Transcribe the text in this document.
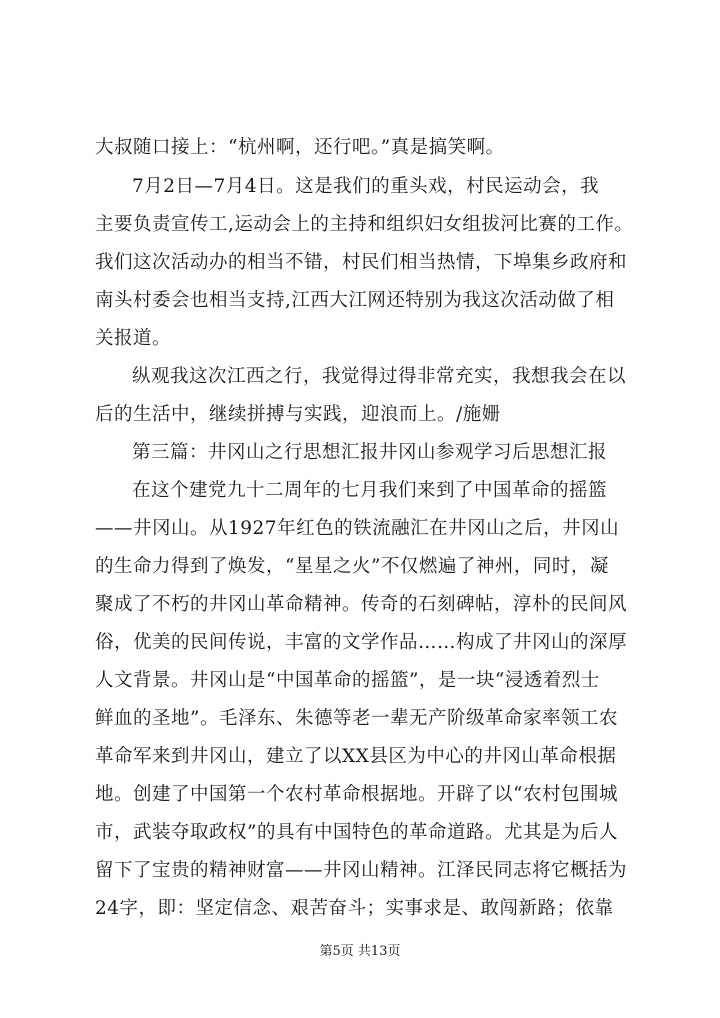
大叔随口接上：“杭州啊，还行吧。”真是搞笑啊。
7月2日—7月4日。这是我们的重头戏，村民运动会，我
主要负责宣传工,运动会上的主持和组织妇女组拔河比赛的工作。
我们这次活动办的相当不错，村民们相当热情，下埠集乡政府和
南头村委会也相当支持,江西大江网还特别为我这次活动做了相
关报道。
纵观我这次江西之行，我觉得过得非常充实，我想我会在以
后的生活中，继续拼搏与实践，迎浪而上。/施姗
第三篇：井冈山之行思想汇报井冈山参观学习后思想汇报
在这个建党九十二周年的七月我们来到了中国革命的摇篮
——井冈山。从1927年红色的铁流融汇在井冈山之后，井冈山
的生命力得到了焕发，“星星之火”不仅燃遍了神州，同时，凝
聚成了不朽的井冈山革命精神。传奇的石刻碑帖，淳朴的民间风
俗，优美的民间传说，丰富的文学作品……构成了井冈山的深厚
人文背景。井冈山是“中国革命的摇篮”，是一块“浸透着烈士
鲜血的圣地”。毛泽东、朱德等老一辈无产阶级革命家率领工农
革命军来到井冈山，建立了以XX县区为中心的井冈山革命根据
地。创建了中国第一个农村革命根据地。开辟了以“农村包围城
市，武装夺取政权”的具有中国特色的革命道路。尤其是为后人
留下了宝贵的精神财富——井冈山精神。江泽民同志将它概括为
24字，即：坚定信念、艰苦奋斗；实事求是、敢闯新路；依靠
第5页 共13页
